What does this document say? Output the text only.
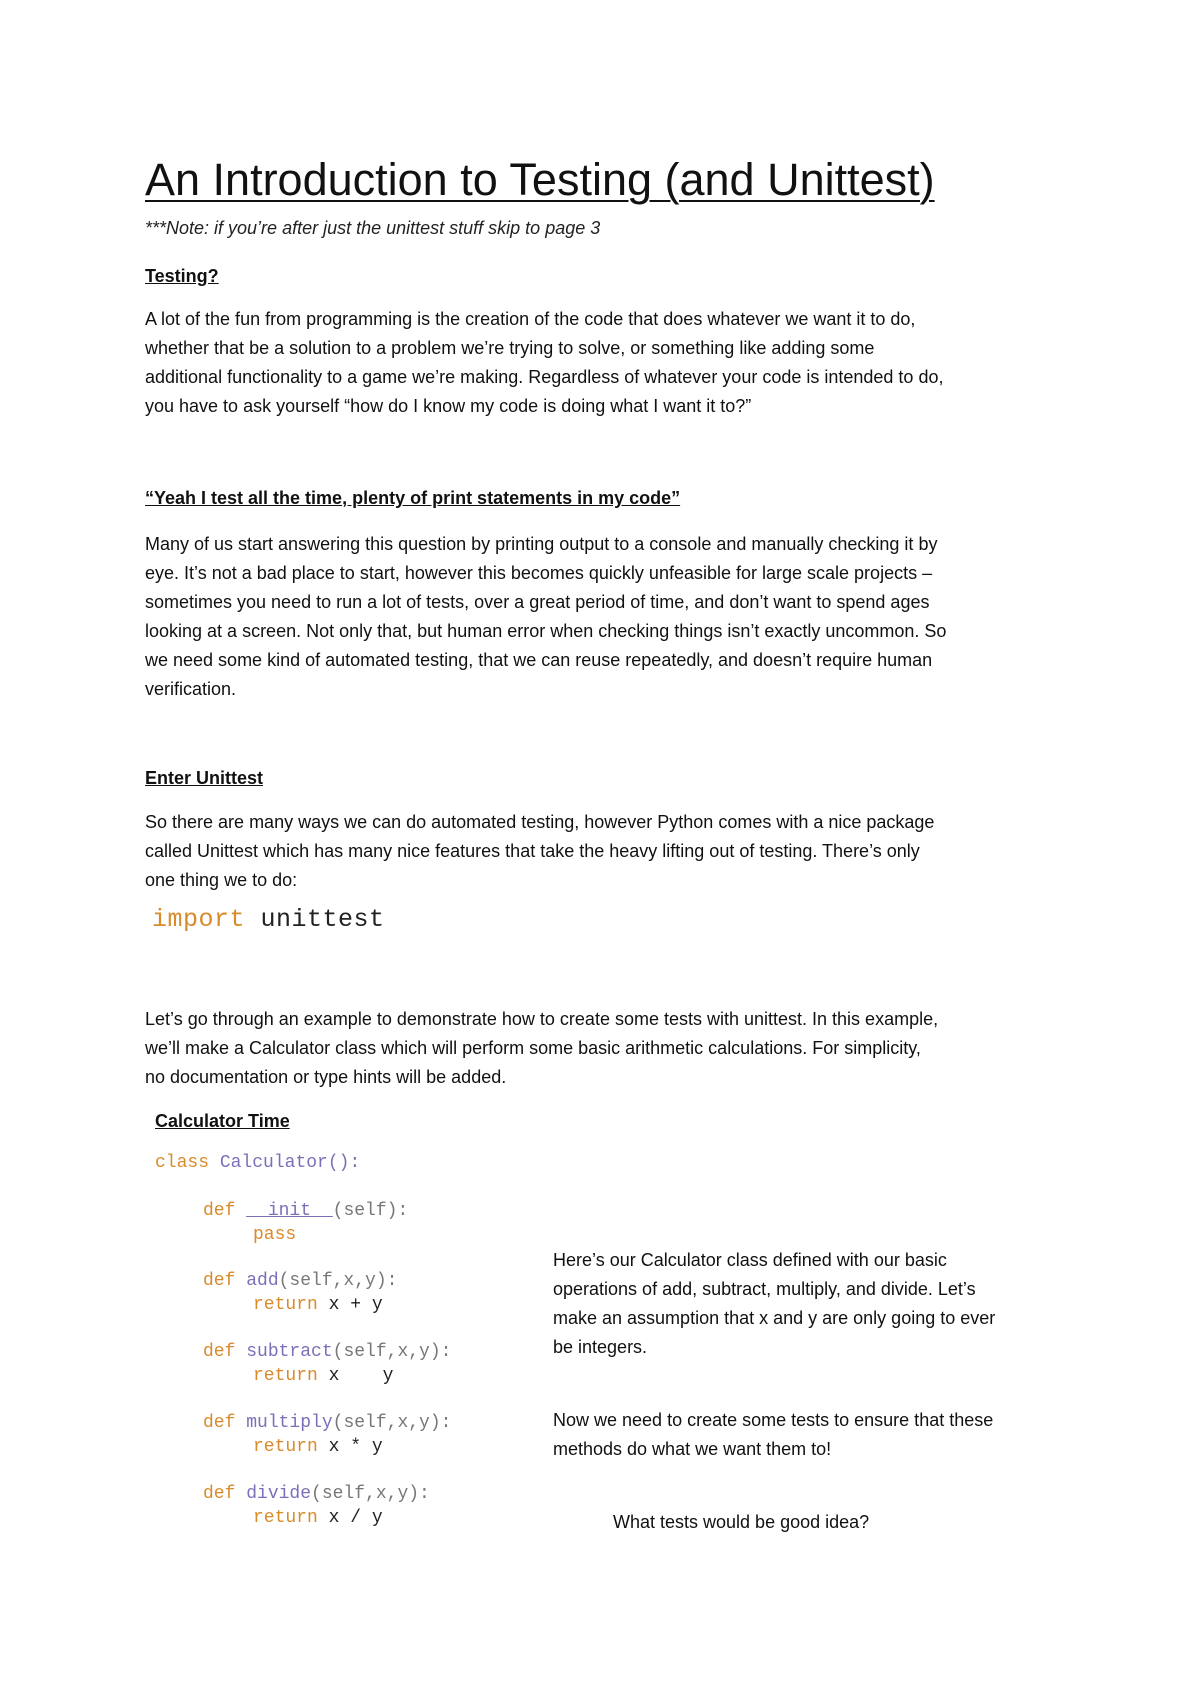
An Introduction to Testing (and Unittest)
***Note: if you’re after just the unittest stuff skip to page 3
Testing?
A lot of the fun from programming is the creation of the code that does whatever we want it to do,
whether that be a solution to a problem we’re trying to solve, or something like adding some
additional functionality to a game we’re making. Regardless of whatever your code is intended to do,
you have to ask yourself “how do I know my code is doing what I want it to?”
“Yeah I test all the time, plenty of print statements in my code”
Many of us start answering this question by printing output to a console and manually checking it by
eye. It’s not a bad place to start, however this becomes quickly unfeasible for large scale projects –
sometimes you need to run a lot of tests, over a great period of time, and don’t want to spend ages
looking at a screen. Not only that, but human error when checking things isn’t exactly uncommon. So
we need some kind of automated testing, that we can reuse repeatedly, and doesn’t require human
verification.
Enter Unittest
So there are many ways we can do automated testing, however Python comes with a nice package
called Unittest which has many nice features that take the heavy lifting out of testing. There’s only
one thing we to do:
import unittest
Let’s go through an example to demonstrate how to create some tests with unittest. In this example,
we’ll make a Calculator class which will perform some basic arithmetic calculations. For simplicity,
no documentation or type hints will be added.
Calculator Time
class Calculator():
def __init__(self):
pass
def add(self,x,y):
return x + y
def subtract(self,x,y):
return x    y
def multiply(self,x,y):
return x * y
def divide(self,x,y):
return x / y
Here’s our Calculator class defined with our basic
operations of add, subtract, multiply, and divide. Let’s
make an assumption that x and y are only going to ever
be integers.
Now we need to create some tests to ensure that these
methods do what we want them to!
What tests would be good idea?
